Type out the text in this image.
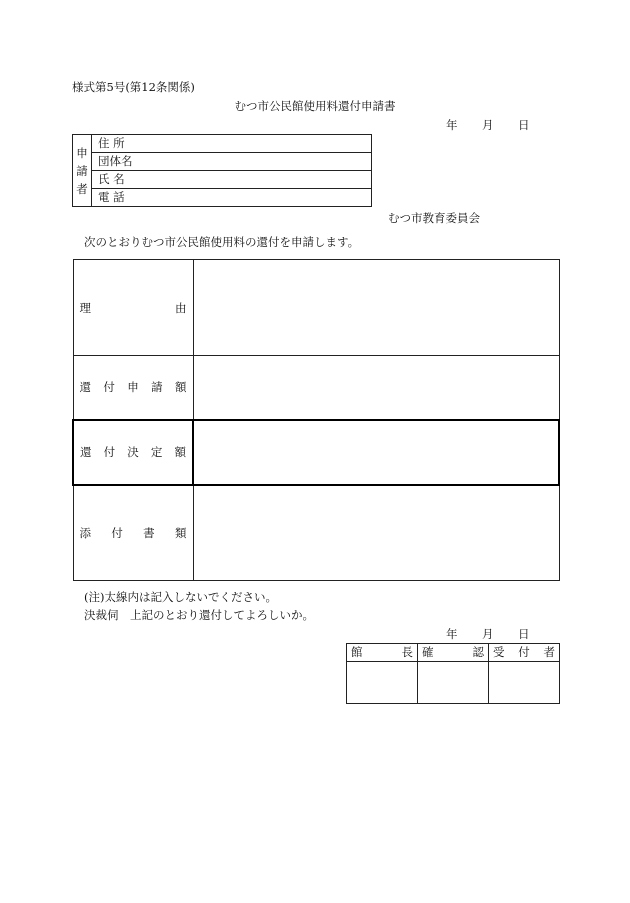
様式第5号(第12条関係)
むつ市公民館使用料還付申請書
年 月 日
申
請
者
	住 所
団体名
氏 名
電 話
むつ市教育委員会
次のとおりむつ市公民館使用料の還付を申請します。
理由	
還付申請額	
還付決定額	
添付書類	
(注)太線内は記入しないでください。
決裁伺　上記のとおり還付してよろしいか。
年 月 日
館長	確認	受付者
